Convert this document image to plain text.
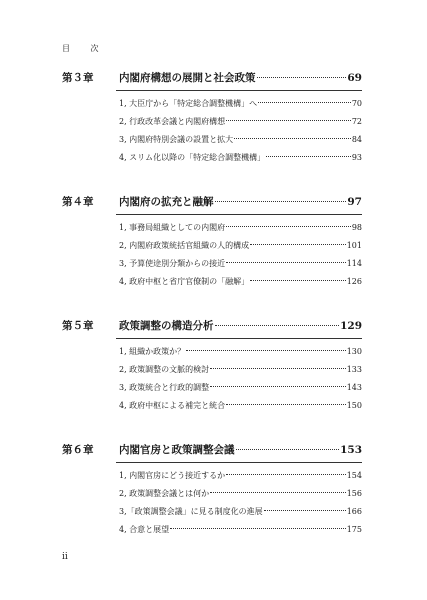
目 次
第３章	内閣府構想の展開と社会政策	69
1, 大臣庁から「特定総合調整機構」へ	70
2, 行政改革会議と内閣府構想	72
3, 内閣府特別会議の設置と拡大	84
4, スリム化以降の「特定総合調整機構」	93
第４章	内閣府の拡充と融解	97
1, 事務局組織としての内閣府	98
2, 内閣府政策統括官組織の人的構成	101
3, 予算使途別分類からの接近	114
4, 政府中枢と省庁官僚制の「融解」	126
第５章	政策調整の構造分析	129
1, 組織か政策か？	130
2, 政策調整の文脈的検討	133
3, 政策統合と行政的調整	143
4, 政府中枢による補完と統合	150
第６章	内閣官房と政策調整会議	153
1, 内閣官房にどう接近するか	154
2, 政策調整会議とは何か	156
3,「政策調整会議」に見る制度化の進展	166
4, 合意と展望	175
ii
